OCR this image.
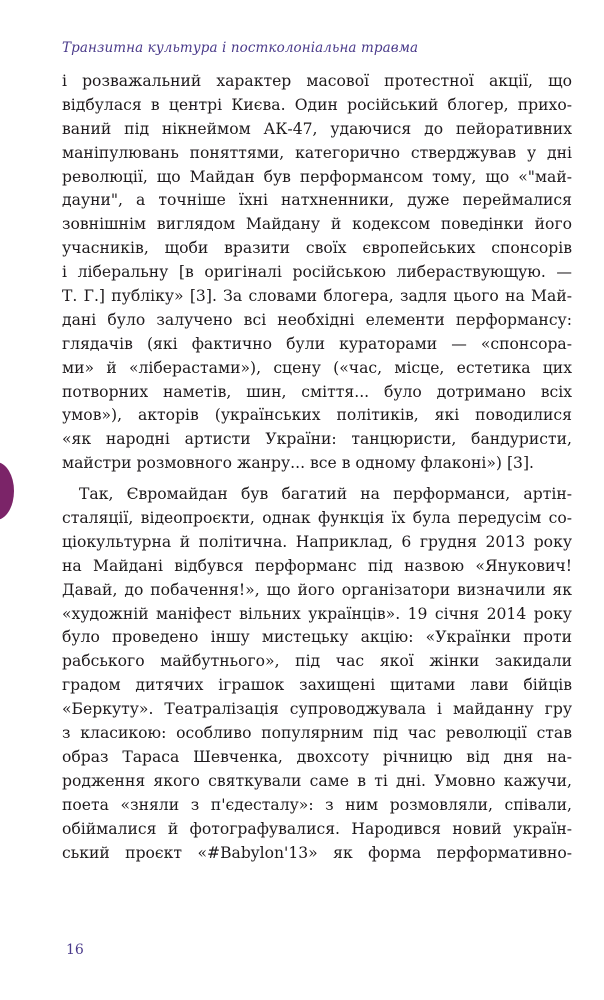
Транзитна культура і постколоніальна травма
і розважальний характер масової протестної акції, що
відбулася в центрі Києва. Один російський блогер, прихо-
ваний під нікнеймом АК-47, удаючися до пейоративних
маніпулювань поняттями, категорично стверджував у дні
революції, що Майдан був перформансом тому, що «"май-
дауни", а точніше їхні натхненники, дуже переймалися
зовнішнім виглядом Майдану й кодексом поведінки його
учасників, щоби вразити своїх європейських спонсорів
і ліберальну [в оригіналі російською либераствующую. —
Т. Г.] публіку» [3]. За словами блогера, задля цього на Май-
дані було залучено всі необхідні елементи перформансу:
глядачів (які фактично були кураторами — «спонсора-
ми» й «ліберастами»), сцену («час, місце, естетика цих
потворних наметів, шин, сміття... було дотримано всіх
умов»), акторів (українських політиків, які поводилися
«як народні артисти України: танцюристи, бандуристи,
майстри розмовного жанру... все в одному флаконі») [3].
Так, Євромайдан був багатий на перформанси, артін-
сталяції, відеопроєкти, однак функція їх була передусім со-
ціокультурна й політична. Наприклад, 6 грудня 2013 року
на Майдані відбувся перформанс під назвою «Янукович!
Давай, до побачення!», що його організатори визначили як
«художній маніфест вільних українців». 19 січня 2014 року
було проведено іншу мистецьку акцію: «Українки проти
рабського майбутнього», під час якої жінки закидали
градом дитячих іграшок захищені щитами лави бійців
«Беркуту». Театралізація супроводжувала і майданну гру
з класикою: особливо популярним під час революції став
образ Тараса Шевченка, двохсоту річницю від дня на-
родження якого святкували саме в ті дні. Умовно кажучи,
поета «зняли з п'єдесталу»: з ним розмовляли, співали,
обіймалися й фотографувалися. Народився новий україн-
ський проєкт «#Babylon'13» як форма перформативно-
16
